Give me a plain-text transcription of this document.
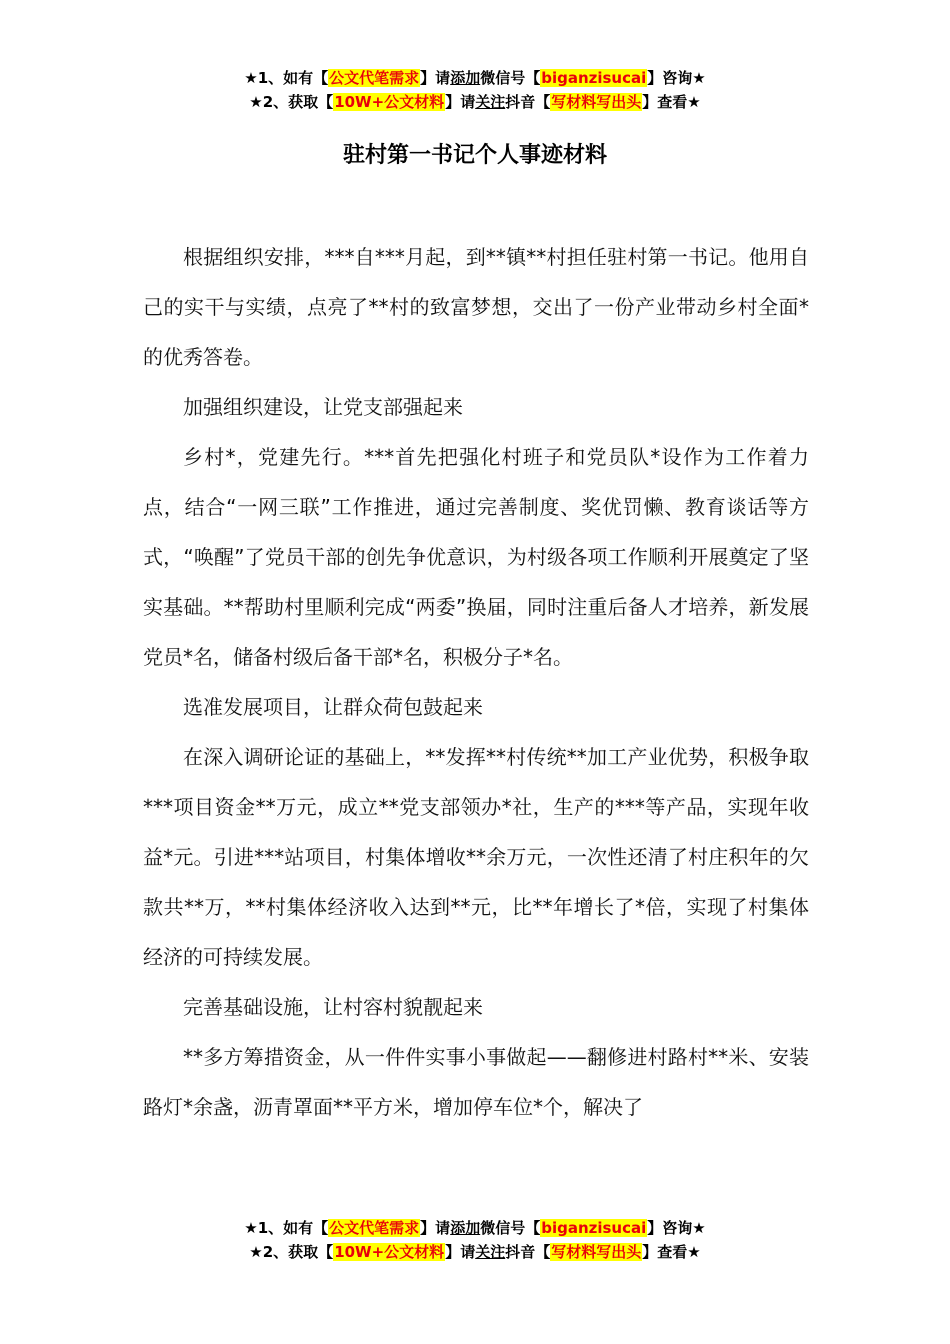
★1、如有【公文代笔需求】请添加微信号【biganzisucai】咨询★
★2、获取【10W+公文材料】请关注抖音【写材料写出头】查看★
驻村第一书记个人事迹材料

根据组织安排，***自***月起，到**镇**村担任驻村第一书记。他用自己的实干与实绩，点亮了**村的致富梦想，交出了一份产业带动乡村全面*的优秀答卷。

加强组织建设，让党支部强起来

乡村*，党建先行。***首先把强化村班子和党员队*设作为工作着力点，结合“一网三联”工作推进，通过完善制度、奖优罚懒、教育谈话等方式，“唤醒”了党员干部的创先争优意识，为村级各项工作顺利开展奠定了坚实基础。**帮助村里顺利完成“两委”换届，同时注重后备人才培养，新发展党员*名，储备村级后备干部*名，积极分子*名。

选准发展项目，让群众荷包鼓起来

在深入调研论证的基础上，**发挥**村传统**加工产业优势，积极争取***项目资金**万元，成立**党支部领办*社，生产的***等产品，实现年收益*元。引进***站项目，村集体增收**余万元，一次性还清了村庄积年的欠款共**万，**村集体经济收入达到**元，比**年增长了*倍，实现了村集体经济的可持续发展。

完善基础设施，让村容村貌靓起来

**多方筹措资金，从一件件实事小事做起——翻修进村路村**米、安装路灯*余盏，沥青罩面**平方米，增加停车位*个，解决了

★1、如有【公文代笔需求】请添加微信号【biganzisucai】咨询★
★2、获取【10W+公文材料】请关注抖音【写材料写出头】查看★
